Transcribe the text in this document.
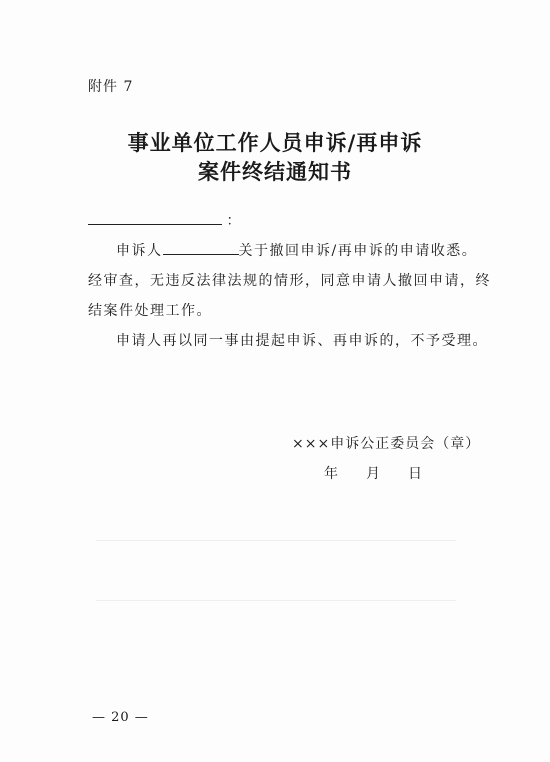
附件 7
事业单位工作人员申诉/再申诉
案件终结通知书
：
申诉人	关于撤回申诉/再申诉的申请收悉。
经审查，无违反法律法规的情形，同意申请人撤回申请，终
结案件处理工作。
申请人再以同一事由提起申诉、再申诉的，不予受理。
×××申诉公正委员会（章）
年 月 日
— 20 —
